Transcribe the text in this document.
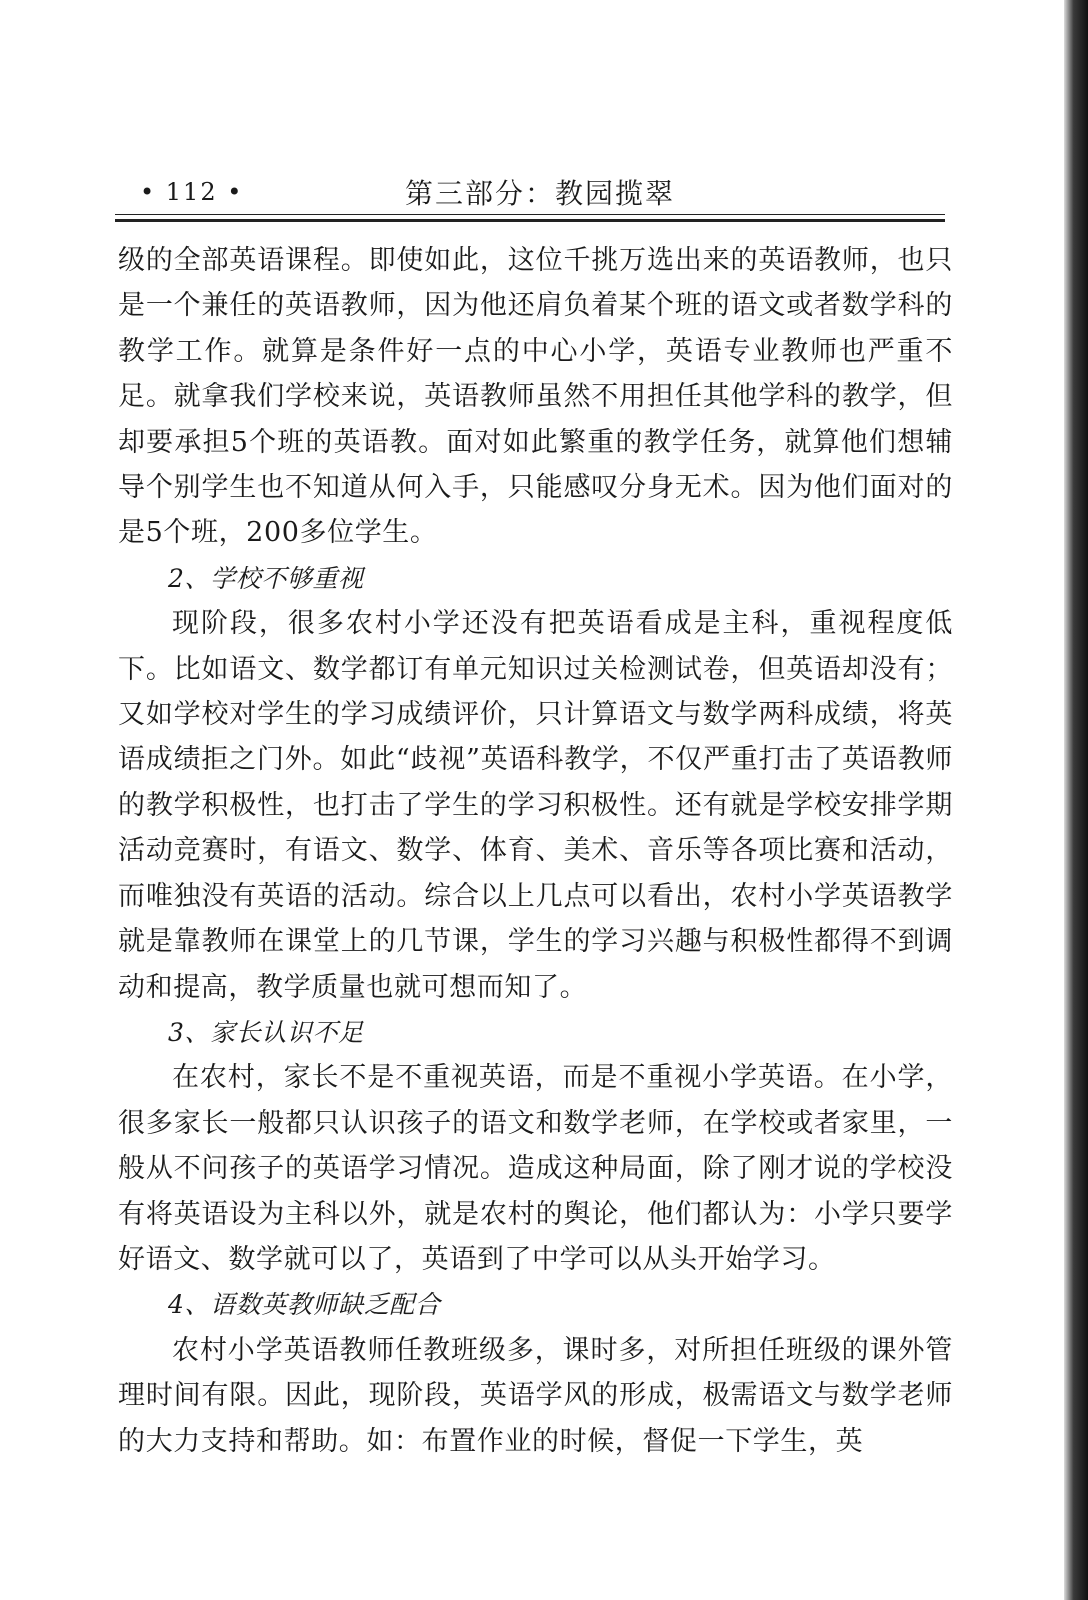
• 112 •	第三部分：教园揽翠

级的全部英语课程。即使如此，这位千挑万选出来的英语教师，也只是一个兼任的英语教师，因为他还肩负着某个班的语文或者数学科的教学工作。就算是条件好一点的中心小学，英语专业教师也严重不足。就拿我们学校来说，英语教师虽然不用担任其他学科的教学，但却要承担5个班的英语教。面对如此繁重的教学任务，就算他们想辅导个别学生也不知道从何入手，只能感叹分身无术。因为他们面对的是5个班，200多位学生。

2、学校不够重视

现阶段，很多农村小学还没有把英语看成是主科，重视程度低下。比如语文、数学都订有单元知识过关检测试卷，但英语却没有；又如学校对学生的学习成绩评价，只计算语文与数学两科成绩，将英语成绩拒之门外。如此“歧视”英语科教学，不仅严重打击了英语教师的教学积极性，也打击了学生的学习积极性。还有就是学校安排学期活动竞赛时，有语文、数学、体育、美术、音乐等各项比赛和活动，而唯独没有英语的活动。综合以上几点可以看出，农村小学英语教学就是靠教师在课堂上的几节课，学生的学习兴趣与积极性都得不到调动和提高，教学质量也就可想而知了。

3、家长认识不足

在农村，家长不是不重视英语，而是不重视小学英语。在小学，很多家长一般都只认识孩子的语文和数学老师，在学校或者家里，一般从不问孩子的英语学习情况。造成这种局面，除了刚才说的学校没有将英语设为主科以外，就是农村的舆论，他们都认为：小学只要学好语文、数学就可以了，英语到了中学可以从头开始学习。

4、语数英教师缺乏配合

农村小学英语教师任教班级多，课时多，对所担任班级的课外管理时间有限。因此，现阶段，英语学风的形成，极需语文与数学老师的大力支持和帮助。如：布置作业的时候，督促一下学生，英
